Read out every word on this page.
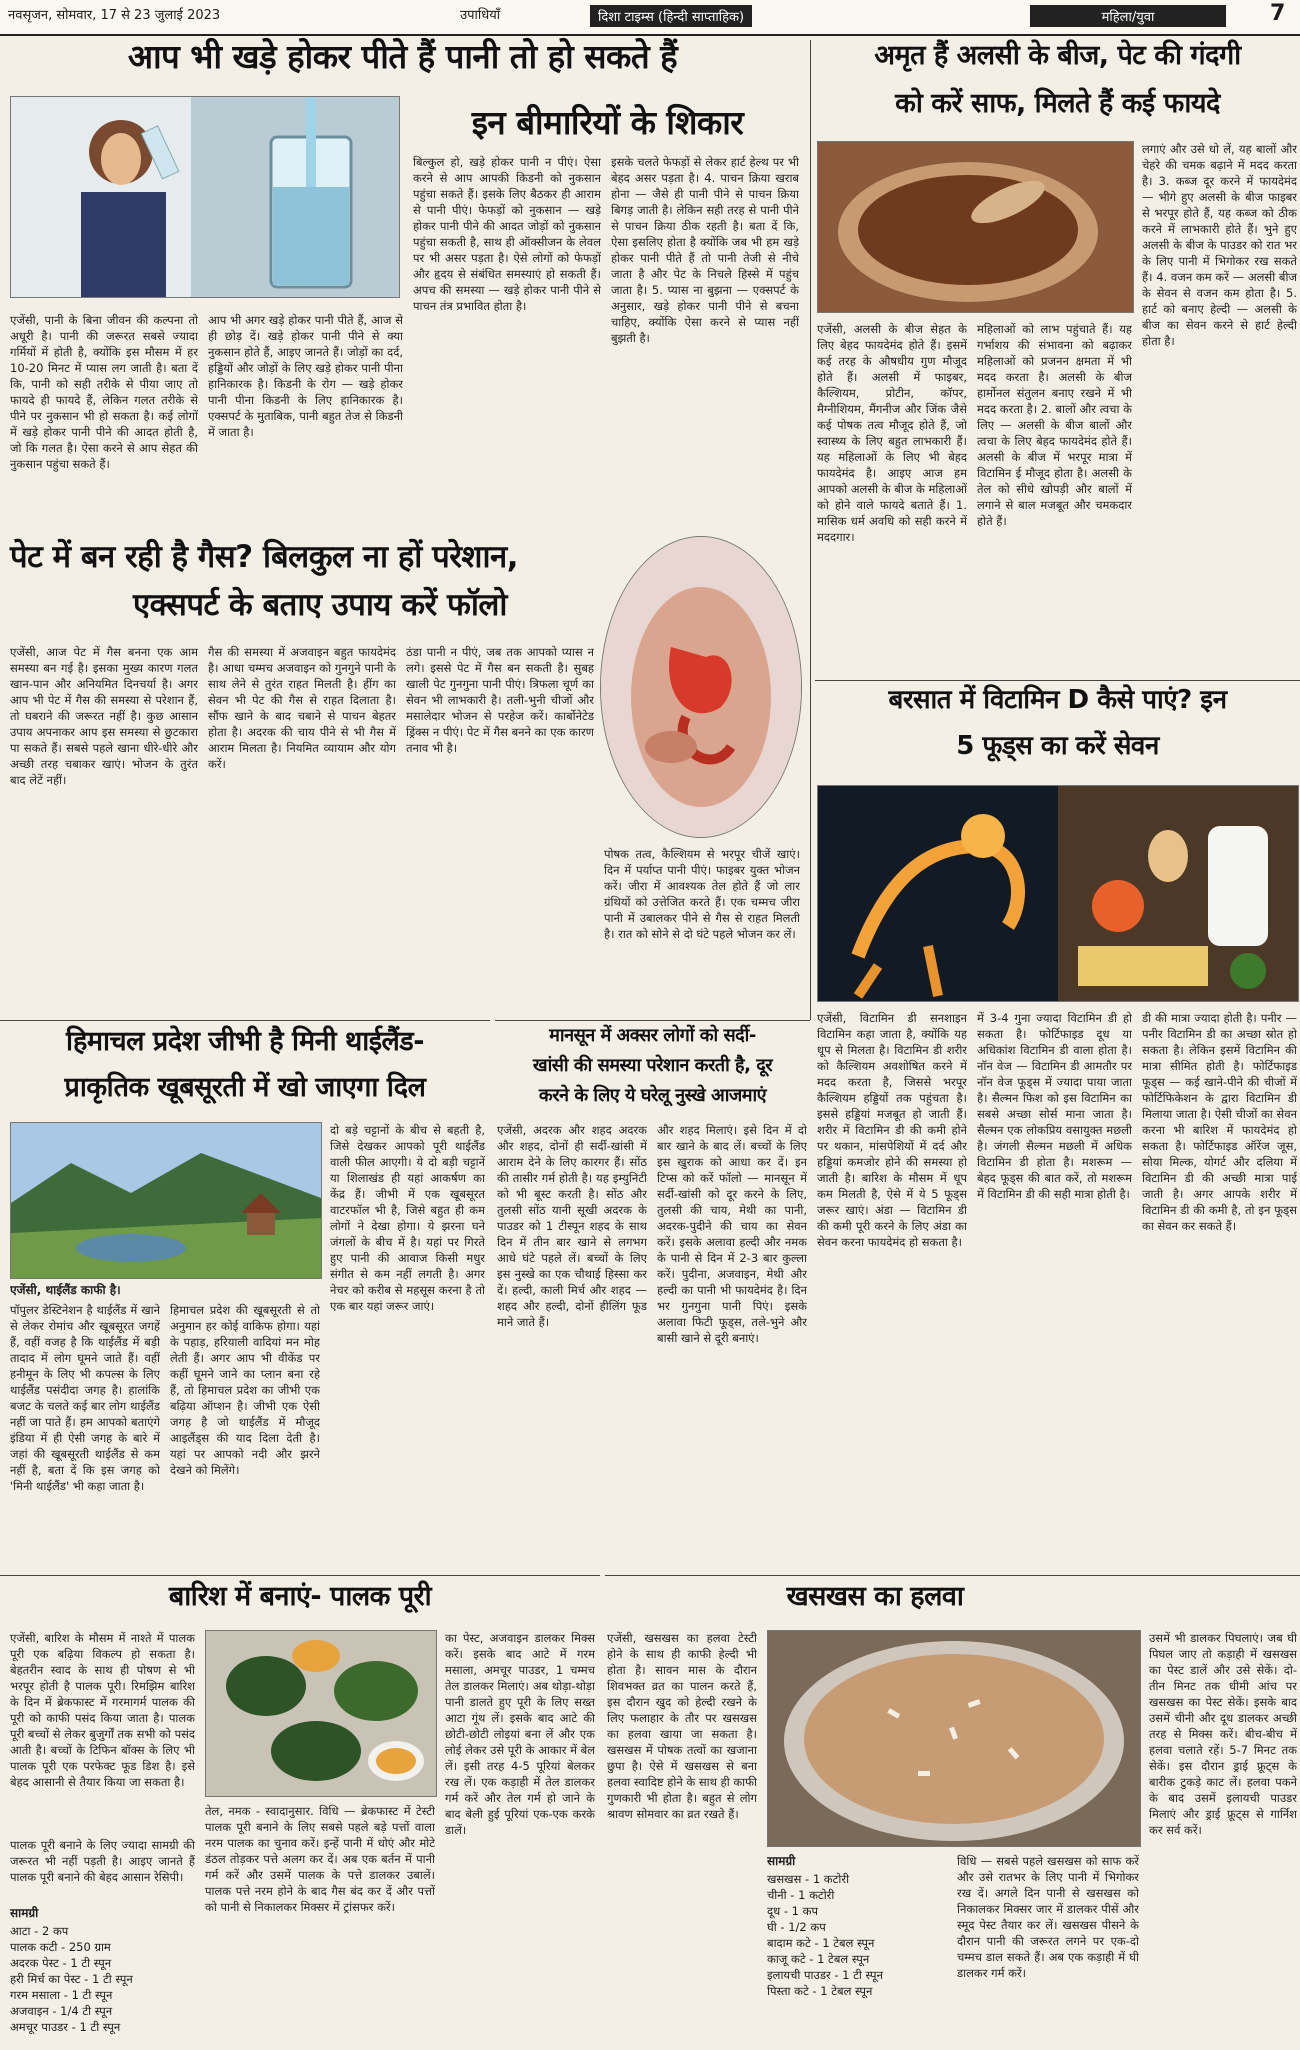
नवसृजन, सोमवार, 17 से 23 जुलाई 2023	उपाधियाँ	दिशा टाइम्स (हिन्दी साप्ताहिक)	महिला/युवा	7
आप भी खड़े होकर पीते हैं पानी तो हो सकते हैं
इन बीमारियों के शिकार
एजेंसी, पानी के बिना जीवन की कल्पना तो अधूरी है। पानी की जरूरत सबसे ज्यादा गर्मियों में होती है, क्योंकि इस मौसम में हर 10-20 मिनट में प्यास लग जाती है। बता दें कि, पानी को सही तरीके से पीया जाए तो फायदे ही फायदे हैं, लेकिन गलत तरीके से पीने पर नुकसान भी हो सकता है। कई लोगों में खड़े होकर पानी पीने की आदत होती है, जो कि गलत है। ऐसा करने से आप सेहत की नुकसान पहुंचा सकते हैं।
आप भी अगर खड़े होकर पानी पीते हैं, आज से ही छोड़ दें। खड़े होकर पानी पीने से क्या नुकसान होते हैं, आइए जानते हैं। जोड़ों का दर्द, हड्डियों और जोड़ों के लिए खड़े होकर पानी पीना हानिकारक है। किडनी के रोग — खड़े होकर पानी पीना किडनी के लिए हानिकारक है। एक्सपर्ट के मुताबिक, पानी बहुत तेज से किडनी में जाता है।
बिल्कुल हो, खड़े होकर पानी न पीएं। ऐसा करने से आप आपकी किडनी को नुकसान पहुंचा सकते हैं। इसके लिए बैठकर ही आराम से पानी पीएं। फेफड़ों को नुकसान — खड़े होकर पानी पीने की आदत जोड़ों को नुकसान पहुंचा सकती है, साथ ही ऑक्सीजन के लेवल पर भी असर पड़ता है। ऐसे लोगों को फेफड़ों और हृदय से संबंधित समस्याएं हो सकती हैं। अपच की समस्या — खड़े होकर पानी पीने से पाचन तंत्र प्रभावित होता है।
इसके चलते फेफड़ों से लेकर हार्ट हेल्थ पर भी बेहद असर पड़ता है। 4. पाचन क्रिया खराब होना — जैसे ही पानी पीने से पाचन क्रिया बिगड़ जाती है। लेकिन सही तरह से पानी पीने से पाचन क्रिया ठीक रहती है। बता दें कि, ऐसा इसलिए होता है क्योंकि जब भी हम खड़े होकर पानी पीते हैं तो पानी तेजी से नीचे जाता है और पेट के निचले हिस्से में पहुंच जाता है। 5. प्यास ना बुझना — एक्सपर्ट के अनुसार, खड़े होकर पानी पीने से बचना चाहिए, क्योंकि ऐसा करने से प्यास नहीं बुझती है।
पेट में बन रही है गैस? बिलकुल ना हों परेशान,
एक्सपर्ट के बताए उपाय करें फॉलो
एजेंसी, आज पेट में गैस बनना एक आम समस्या बन गई है। इसका मुख्य कारण गलत खान-पान और अनियमित दिनचर्या है। अगर आप भी पेट में गैस की समस्या से परेशान हैं, तो घबराने की जरूरत नहीं है। कुछ आसान उपाय अपनाकर आप इस समस्या से छुटकारा पा सकते हैं। सबसे पहले खाना धीरे-धीरे और अच्छी तरह चबाकर खाएं। भोजन के तुरंत बाद लेटें नहीं।
गैस की समस्या में अजवाइन बहुत फायदेमंद है। आधा चम्मच अजवाइन को गुनगुने पानी के साथ लेने से तुरंत राहत मिलती है। हींग का सेवन भी पेट की गैस से राहत दिलाता है। सौंफ खाने के बाद चबाने से पाचन बेहतर होता है। अदरक की चाय पीने से भी गैस में आराम मिलता है। नियमित व्यायाम और योग करें।
ठंडा पानी न पीएं, जब तक आपको प्यास न लगे। इससे पेट में गैस बन सकती है। सुबह खाली पेट गुनगुना पानी पीएं। त्रिफला चूर्ण का सेवन भी लाभकारी है। तली-भुनी चीजों और मसालेदार भोजन से परहेज करें। कार्बोनेटेड ड्रिंक्स न पीएं। पेट में गैस बनने का एक कारण तनाव भी है।
पोषक तत्व, कैल्शियम से भरपूर चीजें खाएं। दिन में पर्याप्त पानी पीएं। फाइबर युक्त भोजन करें। जीरा में आवश्यक तेल होते हैं जो लार ग्रंथियों को उत्तेजित करते हैं। एक चम्मच जीरा पानी में उबालकर पीने से गैस से राहत मिलती है। रात को सोने से दो घंटे पहले भोजन कर लें।
अमृत हैं अलसी के बीज, पेट की गंदगी
को करें साफ, मिलते हैं कई फायदे
एजेंसी, अलसी के बीज सेहत के लिए बेहद फायदेमंद होते हैं। इसमें कई तरह के औषधीय गुण मौजूद होते हैं। अलसी में फाइबर, कैल्शियम, प्रोटीन, कॉपर, मैग्नीशियम, मैंगनीज और जिंक जैसे कई पोषक तत्व मौजूद होते हैं, जो स्वास्थ्य के लिए बहुत लाभकारी हैं। यह महिलाओं के लिए भी बेहद फायदेमंद है। आइए आज हम आपको अलसी के बीज के महिलाओं को होने वाले फायदे बताते हैं। 1. मासिक धर्म अवधि को सही करने में मददगार।
महिलाओं को लाभ पहुंचाते हैं। यह गर्भाशय की संभावना को बढ़ाकर महिलाओं को प्रजनन क्षमता में भी मदद करता है। अलसी के बीज हार्मोनल संतुलन बनाए रखने में भी मदद करता है। 2. बालों और त्वचा के लिए — अलसी के बीज बालों और त्वचा के लिए बेहद फायदेमंद होते हैं। अलसी के बीज में भरपूर मात्रा में विटामिन ई मौजूद होता है। अलसी के तेल को सीधे खोपड़ी और बालों में लगाने से बाल मजबूत और चमकदार होते हैं।
लगाएं और उसे धो लें, यह बालों और चेहरे की चमक बढ़ाने में मदद करता है। 3. कब्ज दूर करने में फायदेमंद — भीगे हुए अलसी के बीज फाइबर से भरपूर होते हैं, यह कब्ज को ठीक करने में लाभकारी होते हैं। भुने हुए अलसी के बीज के पाउडर को रात भर के लिए पानी में भिगोकर रख सकते हैं। 4. वजन कम करें — अलसी बीज के सेवन से वजन कम होता है। 5. हार्ट को बनाए हेल्दी — अलसी के बीज का सेवन करने से हार्ट हेल्दी होता है।
बरसात में विटामिन D कैसे पाएं? इन
5 फूड्स का करें सेवन
एजेंसी, विटामिन डी सनशाइन विटामिन कहा जाता है, क्योंकि यह धूप से मिलता है। विटामिन डी शरीर को कैल्शियम अवशोषित करने में मदद करता है, जिससे भरपूर कैल्शियम हड्डियों तक पहुंचता है। इससे हड्डियां मजबूत हो जाती हैं। शरीर में विटामिन डी की कमी होने पर थकान, मांसपेशियों में दर्द और हड्डियां कमजोर होने की समस्या हो जाती है। बारिश के मौसम में धूप कम मिलती है, ऐसे में ये 5 फूड्स जरूर खाएं। अंडा — विटामिन डी की कमी पूरी करने के लिए अंडा का सेवन करना फायदेमंद हो सकता है।
में 3-4 गुना ज्यादा विटामिन डी हो सकता है। फोर्टिफाइड दूध या अधिकांश विटामिन डी वाला होता है। नॉन वेज — विटामिन डी आमतौर पर नॉन वेज फूड्स में ज्यादा पाया जाता है। सैल्मन फिश को इस विटामिन का सबसे अच्छा सोर्स माना जाता है। सैल्मन एक लोकप्रिय वसायुक्त मछली है। जंगली सैल्मन मछली में अधिक विटामिन डी होता है। मशरूम — बेहद फूड्स की बात करें, तो मशरूम में विटामिन डी की सही मात्रा होती है।
डी की मात्रा ज्यादा होती है। पनीर — पनीर विटामिन डी का अच्छा स्रोत हो सकता है। लेकिन इसमें विटामिन की मात्रा सीमित होती है। फोर्टिफाइड फूड्स — कई खाने-पीने की चीजों में फोर्टिफिकेशन के द्वारा विटामिन डी मिलाया जाता है। ऐसी चीजों का सेवन करना भी बारिश में फायदेमंद हो सकता है। फोर्टिफाइड ऑरेंज जूस, सोया मिल्क, योगर्ट और दलिया में विटामिन डी की अच्छी मात्रा पाई जाती है। अगर आपके शरीर में विटामिन डी की कमी है, तो इन फूड्स का सेवन कर सकते हैं।
हिमाचल प्रदेश जीभी है मिनी थाईलैंड-
प्राकृतिक खूबसूरती में खो जाएगा दिल
एजेंसी, थाईलैंड काफी है।
पॉपुलर डेस्टिनेशन है थाईलैंड में खाने से लेकर रोमांच और खूबसूरत जगहें हैं, वहीं वजह है कि थाईलैंड में बड़ी तादाद में लोग घूमने जाते हैं। वहीं हनीमून के लिए भी कपल्स के लिए थाईलैंड पसंदीदा जगह है। हालांकि बजट के चलते कई बार लोग थाईलैंड नहीं जा पाते हैं। हम आपको बताएंगे इंडिया में ही ऐसी जगह के बारे में जहां की खूबसूरती थाईलैंड से कम नहीं है, बता दें कि इस जगह को 'मिनी थाईलैंड' भी कहा जाता है।
हिमाचल प्रदेश की खूबसूरती से तो अनुमान हर कोई वाकिफ होगा। यहां के पहाड़, हरियाली वादियां मन मोह लेती हैं। अगर आप भी वीकेंड पर कहीं घूमने जाने का प्लान बना रहे हैं, तो हिमाचल प्रदेश का जीभी एक बढ़िया ऑप्शन है। जीभी एक ऐसी जगह है जो थाईलैंड में मौजूद आइलैंड्स की याद दिला देती है। यहां पर आपको नदी और झरने देखने को मिलेंगे।
दो बड़े चट्टानों के बीच से बहती है, जिसे देखकर आपको पूरी थाईलैंड वाली फील आएगी। ये दो बड़ी चट्टानें या शिलाखंड ही यहां आकर्षण का केंद्र हैं। जीभी में एक खूबसूरत वाटरफॉल भी है, जिसे बहुत ही कम लोगों ने देखा होगा। ये झरना घने जंगलों के बीच में है। यहां पर गिरते हुए पानी की आवाज किसी मधुर संगीत से कम नहीं लगती है। अगर नेचर को करीब से महसूस करना है तो एक बार यहां जरूर जाएं।
मानसून में अक्सर लोगों को सर्दी-
खांसी की समस्या परेशान करती है, दूर
करने के लिए ये घरेलू नुस्खे आजमाएं
एजेंसी, अदरक और शहद अदरक और शहद, दोनों ही सर्दी-खांसी में आराम देने के लिए कारगर हैं। सोंठ की तासीर गर्म होती है। यह इम्युनिटी को भी बूस्ट करती है। सोंठ और तुलसी सोंठ यानी सूखी अदरक के पाउडर को 1 टीस्पून शहद के साथ दिन में तीन बार खाने से लगभग आधे घंटे पहले लें। बच्चों के लिए इस नुस्खे का एक चौथाई हिस्सा कर दें। हल्दी, काली मिर्च और शहद — शहद और हल्दी, दोनों हीलिंग फूड माने जाते हैं।
और शहद मिलाएं। इसे दिन में दो बार खाने के बाद लें। बच्चों के लिए इस खुराक को आधा कर दें। इन टिप्स को करें फॉलो — मानसून में सर्दी-खांसी को दूर करने के लिए, तुलसी की चाय, मेथी का पानी, अदरक-पुदीने की चाय का सेवन करें। इसके अलावा हल्दी और नमक के पानी से दिन में 2-3 बार कुल्ला करें। पुदीना, अजवाइन, मेथी और हल्दी का पानी भी फायदेमंद है। दिन भर गुनगुना पानी पिएं। इसके अलावा फिटी फूड्स, तले-भुने और बासी खाने से दूरी बनाएं।
बारिश में बनाएं- पालक पूरी
एजेंसी, बारिश के मौसम में नाश्ते में पालक पूरी एक बढ़िया विकल्प हो सकता है। बेहतरीन स्वाद के साथ ही पोषण से भी भरपूर होती है पालक पूरी। रिमझिम बारिश के दिन में ब्रेकफास्ट में गरमागर्म पालक की पूरी को काफी पसंद किया जाता है। पालक पूरी बच्चों से लेकर बुजुर्गों तक सभी को पसंद आती है। बच्चों के टिफिन बॉक्स के लिए भी पालक पूरी एक परफेक्ट फूड डिश है। इसे बेहद आसानी से तैयार किया जा सकता है।
पालक पूरी बनाने के लिए ज्यादा सामग्री की जरूरत भी नहीं पड़ती है। आइए जानते हैं पालक पूरी बनाने की बेहद आसान रेसिपी।
सामग्री
आटा - 2 कप
पालक कटी - 250 ग्राम
अदरक पेस्ट - 1 टी स्पून
हरी मिर्च का पेस्ट - 1 टी स्पून
गरम मसाला - 1 टी स्पून
अजवाइन - 1/4 टी स्पून
अमचूर पाउडर - 1 टी स्पून
तेल, नमक - स्वादानुसार. विधि — ब्रेकफास्ट में टेस्टी पालक पूरी बनाने के लिए सबसे पहले बड़े पत्तों वाला नरम पालक का चुनाव करें। इन्हें पानी में धोएं और मोटे डंठल तोड़कर पत्ते अलग कर दें। अब एक बर्तन में पानी गर्म करें और उसमें पालक के पत्ते डालकर उबालें। पालक पत्ते नरम होने के बाद गैस बंद कर दें और पत्तों को पानी से निकालकर मिक्सर में ट्रांसफर करें।
का पेस्ट, अजवाइन डालकर मिक्स करें। इसके बाद आटे में गरम मसाला, अमचूर पाउडर, 1 चम्मच तेल डालकर मिलाएं। अब थोड़ा-थोड़ा पानी डालते हुए पूरी के लिए सख्त आटा गूंथ लें। इसके बाद आटे की छोटी-छोटी लोइयां बना लें और एक लोई लेकर उसे पूरी के आकार में बेल लें। इसी तरह 4-5 पूरियां बेलकर रख लें। एक कड़ाही में तेल डालकर गर्म करें और तेल गर्म हो जाने के बाद बेली हुई पूरियां एक-एक करके डालें।
खसखस का हलवा
एजेंसी, खसखस का हलवा टेस्टी होने के साथ ही काफी हेल्दी भी होता है। सावन मास के दौरान शिवभक्त व्रत का पालन करते हैं, इस दौरान खुद को हेल्दी रखने के लिए फलाहार के तौर पर खसखस का हलवा खाया जा सकता है। खसखस में पोषक तत्वों का खजाना छुपा है। ऐसे में खसखस से बना हलवा स्वादिष्ट होने के साथ ही काफी गुणकारी भी होता है। बहुत से लोग श्रावण सोमवार का व्रत रखते हैं।
सामग्री
खसखस - 1 कटोरी
चीनी - 1 कटोरी
दूध - 1 कप
घी - 1/2 कप
बादाम कटे - 1 टेबल स्पून
काजू कटे - 1 टेबल स्पून
इलायची पाउडर - 1 टी स्पून
पिस्ता कटे - 1 टेबल स्पून
विधि — सबसे पहले खसखस को साफ करें और उसे रातभर के लिए पानी में भिगोकर रख दें। अगले दिन पानी से खसखस को निकालकर मिक्सर जार में डालकर पीसें और स्मूद पेस्ट तैयार कर लें। खसखस पीसने के दौरान पानी की जरूरत लगने पर एक-दो चम्मच डाल सकते हैं। अब एक कड़ाही में घी डालकर गर्म करें।
उसमें भी डालकर पिघलाएं। जब घी पिघल जाए तो कड़ाही में खसखस का पेस्ट डालें और उसे सेकें। दो-तीन मिनट तक धीमी आंच पर खसखस का पेस्ट सेकें। इसके बाद उसमें चीनी और दूध डालकर अच्छी तरह से मिक्स करें। बीच-बीच में हलवा चलाते रहें। 5-7 मिनट तक सेकें। इस दौरान ड्राई फ्रूट्स के बारीक टुकड़े काट लें। हलवा पकने के बाद उसमें इलायची पाउडर मिलाएं और ड्राई फ्रूट्स से गार्निश कर सर्व करें।
